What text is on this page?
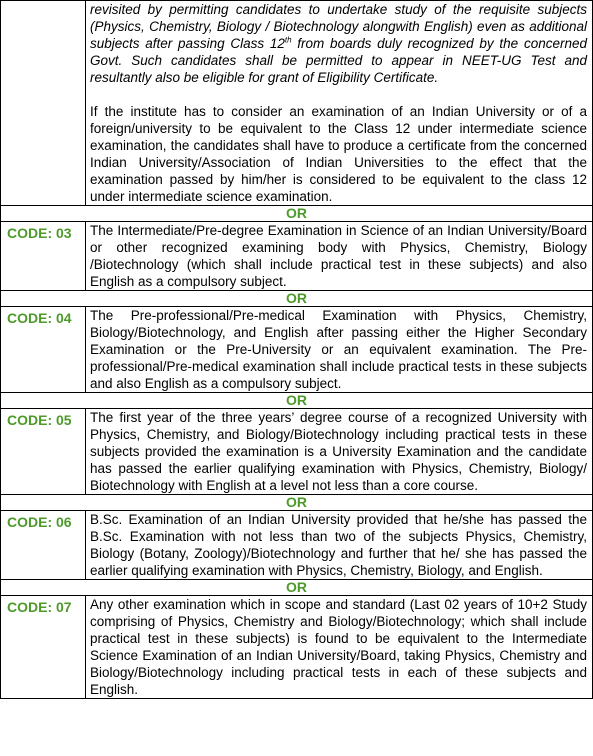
	revisited by permitting candidates to undertake study of the requisite subjects (Physics, Chemistry, Biology / Biotechnology alongwith English) even as additional subjects after passing Class 12th from boards duly recognized by the concerned Govt. Such candidates shall be permitted to appear in NEET-UG Test and resultantly also be eligible for grant of Eligibility Certificate.

If the institute has to consider an examination of an Indian University or of a foreign/university to be equivalent to the Class 12 under intermediate science examination, the candidates shall have to produce a certificate from the concerned Indian University/Association of Indian Universities to the effect that the examination passed by him/her is considered to be equivalent to the class 12 under intermediate science examination.

OR	

CODE: 03	The Intermediate/Pre-degree Examination in Science of an Indian University/Board or other recognized examining body with Physics, Chemistry, Biology /Biotechnology (which shall include practical test in these subjects) and also English as a compulsory subject.

OR	

CODE: 04	The Pre-professional/Pre-medical Examination with Physics, Chemistry, Biology/Biotechnology, and English after passing either the Higher Secondary Examination or the Pre-University or an equivalent examination. The Pre-professional/Pre-medical examination shall include practical tests in these subjects and also English as a compulsory subject.

OR	

CODE: 05	The first year of the three years’ degree course of a recognized University with Physics, Chemistry, and Biology/Biotechnology including practical tests in these subjects provided the examination is a University Examination and the candidate has passed the earlier qualifying examination with Physics, Chemistry, Biology/ Biotechnology with English at a level not less than a core course.

OR	

CODE: 06	B.Sc. Examination of an Indian University provided that he/she has passed the B.Sc. Examination with not less than two of the subjects Physics, Chemistry, Biology (Botany, Zoology)/Biotechnology and further that he/ she has passed the earlier qualifying examination with Physics, Chemistry, Biology, and English.

OR	

CODE: 07	Any other examination which in scope and standard (Last 02 years of 10+2 Study comprising of Physics, Chemistry and Biology/Biotechnology; which shall include practical test in these subjects) is found to be equivalent to the Intermediate Science Examination of an Indian University/Board, taking Physics, Chemistry and Biology/Biotechnology including practical tests in each of these subjects and English.
